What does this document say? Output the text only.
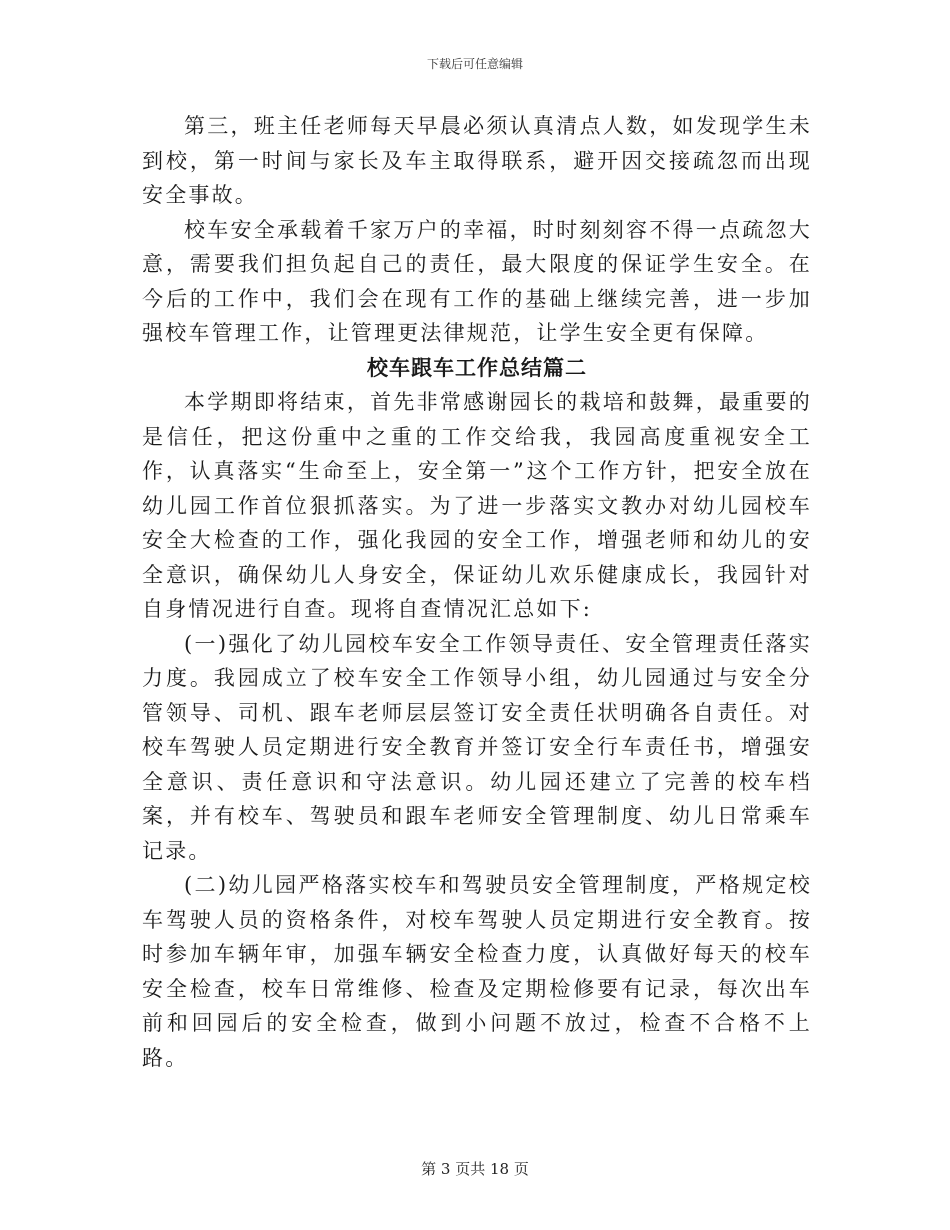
下载后可任意编辑

第三，班主任老师每天早晨必须认真清点人数，如发现学生未到校，第一时间与家长及车主取得联系，避开因交接疏忽而出现安全事故。

校车安全承载着千家万户的幸福，时时刻刻容不得一点疏忽大意，需要我们担负起自己的责任，最大限度的保证学生安全。在今后的工作中，我们会在现有工作的基础上继续完善，进一步加强校车管理工作，让管理更法律规范，让学生安全更有保障。

校车跟车工作总结篇二

本学期即将结束，首先非常感谢园长的栽培和鼓舞，最重要的是信任，把这份重中之重的工作交给我，我园高度重视安全工作，认真落实“生命至上，安全第一”这个工作方针，把安全放在幼儿园工作首位狠抓落实。为了进一步落实文教办对幼儿园校车安全大检查的工作，强化我园的安全工作，增强老师和幼儿的安全意识，确保幼儿人身安全，保证幼儿欢乐健康成长，我园针对自身情况进行自查。现将自查情况汇总如下:

(一)强化了幼儿园校车安全工作领导责任、安全管理责任落实力度。我园成立了校车安全工作领导小组，幼儿园通过与安全分管领导、司机、跟车老师层层签订安全责任状明确各自责任。对校车驾驶人员定期进行安全教育并签订安全行车责任书，增强安全意识、责任意识和守法意识。幼儿园还建立了完善的校车档案，并有校车、驾驶员和跟车老师安全管理制度、幼儿日常乘车记录。

(二)幼儿园严格落实校车和驾驶员安全管理制度，严格规定校车驾驶人员的资格条件，对校车驾驶人员定期进行安全教育。按时参加车辆年审，加强车辆安全检查力度，认真做好每天的校车安全检查，校车日常维修、检查及定期检修要有记录，每次出车前和回园后的安全检查，做到小问题不放过，检查不合格不上路。

第 3 页共 18 页
